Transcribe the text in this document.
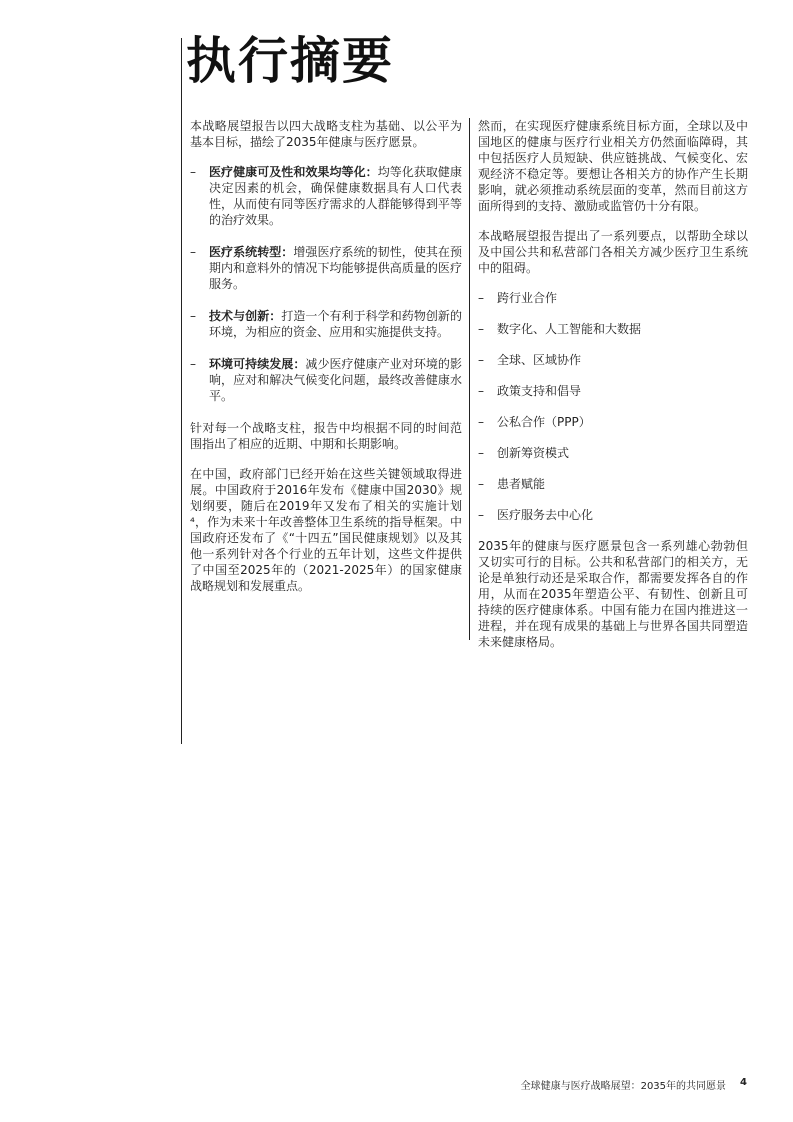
执行摘要

本战略展望报告以四大战略支柱为基础、以公平为基本目标，描绘了2035年健康与医疗愿景。

– 医疗健康可及性和效果均等化：均等化获取健康决定因素的机会，确保健康数据具有人口代表性，从而使有同等医疗需求的人群能够得到平等的治疗效果。
– 医疗系统转型：增强医疗系统的韧性，使其在预期内和意料外的情况下均能够提供高质量的医疗服务。
– 技术与创新：打造一个有利于科学和药物创新的环境，为相应的资金、应用和实施提供支持。
– 环境可持续发展：减少医疗健康产业对环境的影响，应对和解决气候变化问题，最终改善健康水平。

针对每一个战略支柱，报告中均根据不同的时间范围指出了相应的近期、中期和长期影响。

在中国，政府部门已经开始在这些关键领域取得进展。中国政府于2016年发布《健康中国2030》规划纲要，随后在2019年又发布了相关的实施计划⁴，作为未来十年改善整体卫生系统的指导框架。中国政府还发布了《“十四五”国民健康规划》以及其他一系列针对各个行业的五年计划，这些文件提供了中国至2025年的（2021-2025年）的国家健康战略规划和发展重点。

然而，在实现医疗健康系统目标方面，全球以及中国地区的健康与医疗行业相关方仍然面临障碍，其中包括医疗人员短缺、供应链挑战、气候变化、宏观经济不稳定等。要想让各相关方的协作产生长期影响，就必须推动系统层面的变革，然而目前这方面所得到的支持、激励或监管仍十分有限。

本战略展望报告提出了一系列要点，以帮助全球以及中国公共和私营部门各相关方减少医疗卫生系统中的阻碍。

– 跨行业合作
– 数字化、人工智能和大数据
– 全球、区域协作
– 政策支持和倡导
– 公私合作（PPP）
– 创新筹资模式
– 患者赋能
– 医疗服务去中心化

2035年的健康与医疗愿景包含一系列雄心勃勃但又切实可行的目标。公共和私营部门的相关方，无论是单独行动还是采取合作，都需要发挥各自的作用，从而在2035年塑造公平、有韧性、创新且可持续的医疗健康体系。中国有能力在国内推进这一进程，并在现有成果的基础上与世界各国共同塑造未来健康格局。

全球健康与医疗战略展望：2035年的共同愿景 4
